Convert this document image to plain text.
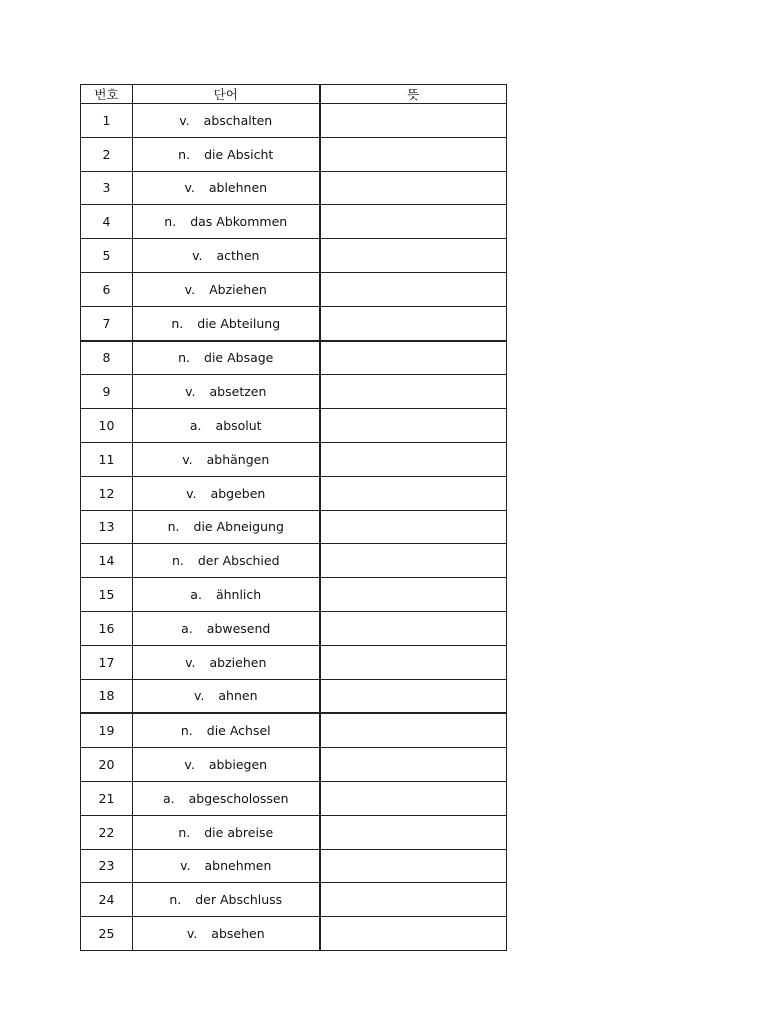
번호	단어	뜻
1	v. abschalten	
2	n. die Absicht	
3	v. ablehnen	
4	n. das Abkommen	
5	v. acthen	
6	v. Abziehen	
7	n. die Abteilung	
8	n. die Absage	
9	v. absetzen	
10	a. absolut	
11	v. abhängen	
12	v. abgeben	
13	n. die Abneigung	
14	n. der Abschied	
15	a. ähnlich	
16	a. abwesend	
17	v. abziehen	
18	v. ahnen	
19	n. die Achsel	
20	v. abbiegen	
21	a. abgescholossen	
22	n. die abreise	
23	v. abnehmen	
24	n. der Abschluss	
25	v. absehen	
